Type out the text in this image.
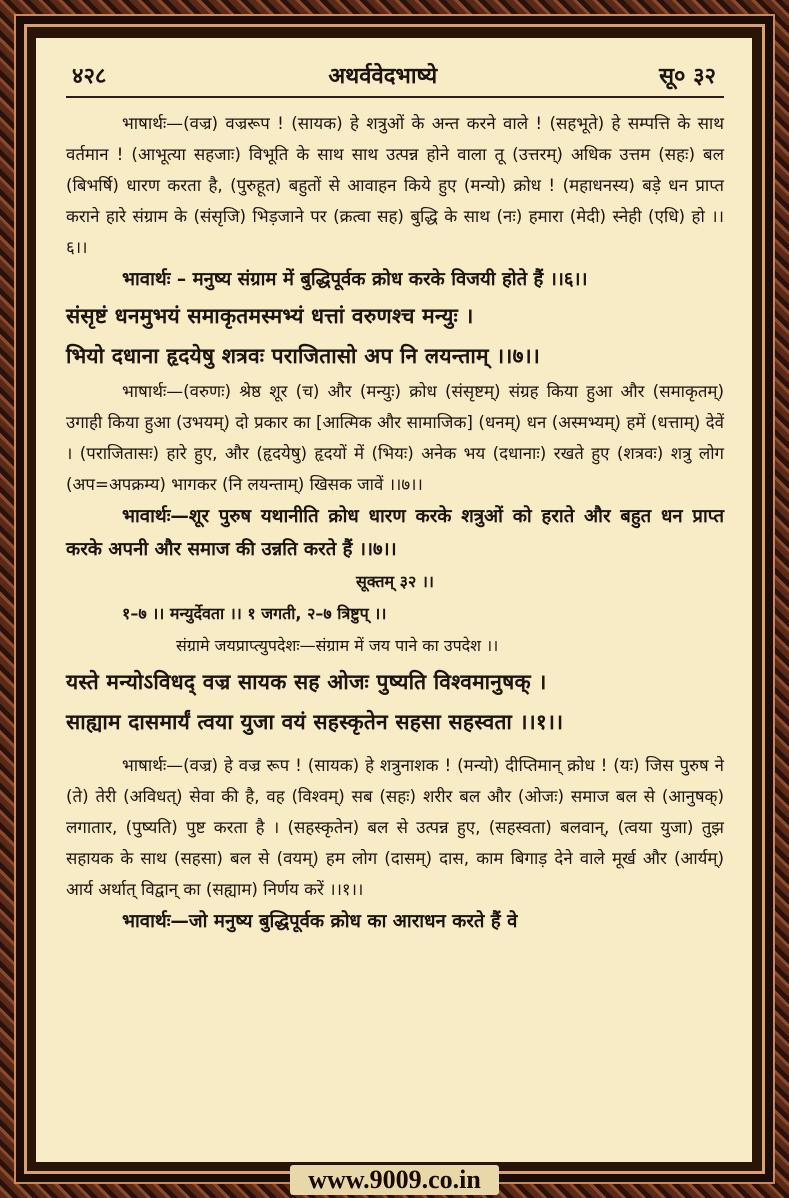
४२८	अथर्ववेदभाष्ये	सू० ३२

भाषार्थः—(वज्र) वज्ररूप ! (सायक) हे शत्रुओं के अन्त करने वाले ! (सहभूते) हे सम्पत्ति के साथ वर्तमान ! (आभूत्या सहजाः) विभूति के साथ साथ उत्पन्न होने वाला तू (उत्तरम्) अधिक उत्तम (सहः) बल (बिभर्षि) धारण करता है, (पुरुहूत) बहुतों से आवाहन किये हुए (मन्यो) क्रोध ! (महाधनस्य) बड़े धन प्राप्त कराने हारे संग्राम के (संसृजि) भिड़जाने पर (क्रत्वा सह) बुद्धि के साथ (नः) हमारा (मेदी) स्नेही (एधि) हो ।।६।।

भावार्थः – मनुष्य संग्राम में बुद्धिपूर्वक क्रोध करके विजयी होते हैं ।।६।।

संसृष्टं धनमुभयं समाकृतमस्मभ्यं धत्तां वरुणश्च मन्युः ।

भियो दधाना हृदयेषु शत्रवः पराजितासो अप नि लयन्ताम् ।।७।।

भाषार्थः—(वरुणः) श्रेष्ठ शूर (च) और (मन्युः) क्रोध (संसृष्टम्) संग्रह किया हुआ और (समाकृतम्) उगाही किया हुआ (उभयम्) दो प्रकार का [आत्मिक और सामाजिक] (धनम्) धन (अस्मभ्यम्) हमें (धत्ताम्) देवें । (पराजितासः) हारे हुए, और (हृदयेषु) हृदयों में (भियः) अनेक भय (दधानाः) रखते हुए (शत्रवः) शत्रु लोग (अप=अपक्रम्य) भागकर (नि लयन्ताम्) खिसक जावें ।।७।।

भावार्थः—शूर पुरुष यथानीति क्रोध धारण करके शत्रुओं को हराते और बहुत धन प्राप्त करके अपनी और समाज की उन्नति करते हैं ।।७।।

सूक्तम् ३२ ।।

१–७ ।। मन्युर्देवता ।। १ जगती, २–७ त्रिष्टुप् ।।

संग्रामे जयप्राप्त्युपदेशः—संग्राम में जय पाने का उपदेश ।।

यस्ते मन्योऽविधद् वज्र सायक सह ओजः पुष्यति विश्वमानुषक् ।

साह्याम दासमार्यं त्वया युजा वयं सहस्कृतेन सहसा सहस्वता ।।१।।

भाषार्थः—(वज्र) हे वज्र रूप ! (सायक) हे शत्रुनाशक ! (मन्यो) दीप्तिमान् क्रोध ! (यः) जिस पुरुष ने (ते) तेरी (अविधत्) सेवा की है, वह (विश्वम्) सब (सहः) शरीर बल और (ओजः) समाज बल से (आनुषक्) लगातार, (पुष्यति) पुष्ट करता है । (सहस्कृतेन) बल से उत्पन्न हुए, (सहस्वता) बलवान्, (त्वया युजा) तुझ सहायक के साथ (सहसा) बल से (वयम्) हम लोग (दासम्) दास, काम बिगाड़ देने वाले मूर्ख और (आर्यम्) आर्य अर्थात् विद्वान् का (सह्याम) निर्णय करें ।।१।।

भावार्थः—जो मनुष्य बुद्धिपूर्वक क्रोध का आराधन करते हैं वे

www.9009.co.in
